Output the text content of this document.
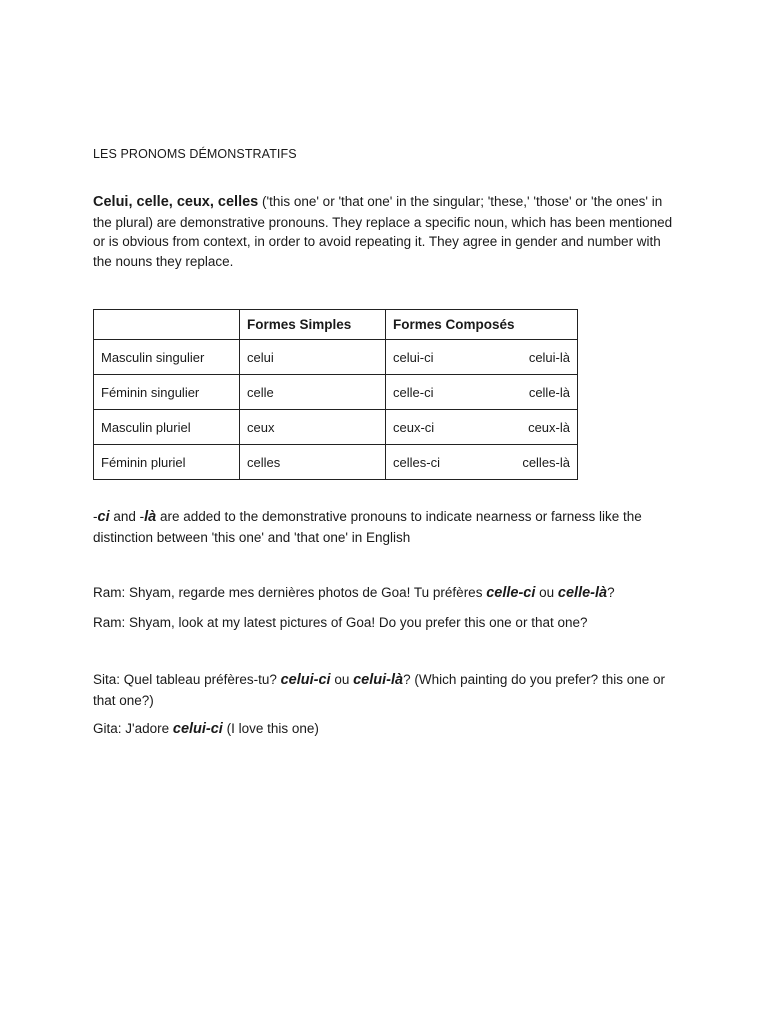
LES PRONOMS DÉMONSTRATIFS
Celui, celle, ceux, celles ('this one' or 'that one' in the singular; 'these,' 'those' or 'the ones' in the plural) are demonstrative pronouns. They replace a specific noun, which has been mentioned or is obvious from context, in order to avoid repeating it. They agree in gender and number with the nouns they replace.
	Formes Simples	Formes Composés
Masculin singulier	celui	celui-ci celui-là

Féminin singulier	celle	celle-ci celle-là

Masculin pluriel	ceux	ceux-ci ceux-là

Féminin pluriel	celles	celles-ci celles-là
-ci and -là are added to the demonstrative pronouns to indicate nearness or farness like the distinction between 'this one' and 'that one' in English
Ram: Shyam, regarde mes dernières photos de Goa! Tu préfères celle-ci ou celle-là?
Ram: Shyam, look at my latest pictures of Goa! Do you prefer this one or that one?
Sita: Quel tableau préfères-tu? celui-ci ou celui-là? (Which painting do you prefer? this one or that one?)
Gita: J'adore celui-ci (I love this one)
